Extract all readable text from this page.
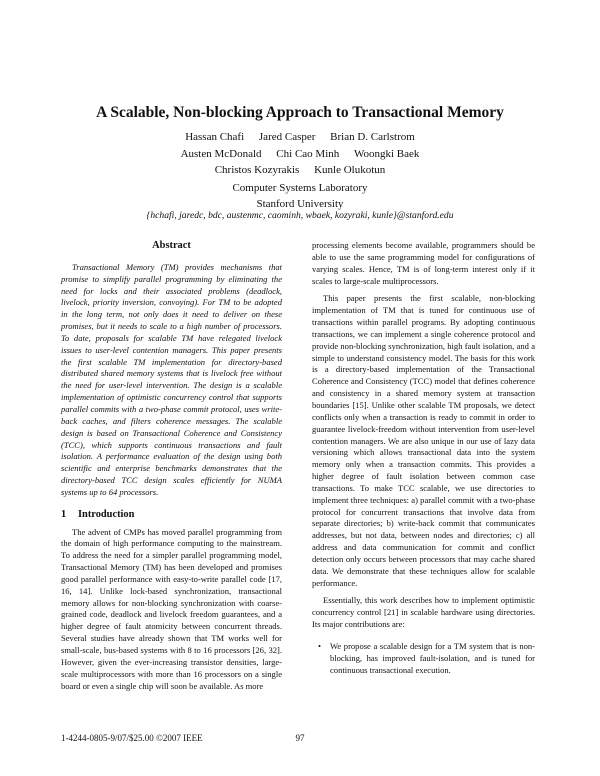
A Scalable, Non-blocking Approach to Transactional Memory
Hassan Chafi Jared Casper Brian D. Carlstrom
Austen McDonald Chi Cao Minh Woongki Baek
Christos Kozyrakis Kunle Olukotun
Computer Systems Laboratory
Stanford University
{hchafi, jaredc, bdc, austenmc, caominh, wbaek, kozyraki, kunle}@stanford.edu
Abstract

Transactional Memory (TM) provides mechanisms that promise to simplify parallel programming by eliminating the need for locks and their associated problems (deadlock, livelock, priority inversion, convoying). For TM to be adopted in the long term, not only does it need to deliver on these promises, but it needs to scale to a high number of processors. To date, proposals for scalable TM have relegated livelock issues to user-level contention managers. This paper presents the first scalable TM implementation for directory-based distributed shared memory systems that is livelock free without the need for user-level intervention. The design is a scalable implementation of optimistic concurrency control that supports parallel commits with a two-phase commit protocol, uses write-back caches, and filters coherence messages. The scalable design is based on Transactional Coherence and Consistency (TCC), which supports continuous transactions and fault isolation. A performance evaluation of the design using both scientific and enterprise benchmarks demonstrates that the directory-based TCC design scales efficiently for NUMA systems up to 64 processors.

1 Introduction

The advent of CMPs has moved parallel programming from the domain of high performance computing to the mainstream. To address the need for a simpler parallel programming model, Transactional Memory (TM) has been developed and promises good parallel performance with easy-to-write parallel code [17, 16, 14]. Unlike lock-based synchronization, transactional memory allows for non-blocking synchronization with coarse-grained code, deadlock and livelock freedom guarantees, and a higher degree of fault atomicity between concurrent threads. Several studies have already shown that TM works well for small-scale, bus-based systems with 8 to 16 processors [26, 32]. However, given the ever-increasing transistor densities, large-scale multiprocessors with more than 16 processors on a single board or even a single chip will soon be available. As more

processing elements become available, programmers should be able to use the same programming model for configurations of varying scales. Hence, TM is of long-term interest only if it scales to large-scale multiprocessors.

This paper presents the first scalable, non-blocking implementation of TM that is tuned for continuous use of transactions within parallel programs. By adopting continuous transactions, we can implement a single coherence protocol and provide non-blocking synchronization, high fault isolation, and a simple to understand consistency model. The basis for this work is a directory-based implementation of the Transactional Coherence and Consistency (TCC) model that defines coherence and consistency in a shared memory system at transaction boundaries [15]. Unlike other scalable TM proposals, we detect conflicts only when a transaction is ready to commit in order to guarantee livelock-freedom without intervention from user-level contention managers. We are also unique in our use of lazy data versioning which allows transactional data into the system memory only when a transaction commits. This provides a higher degree of fault isolation between common case transactions. To make TCC scalable, we use directories to implement three techniques: a) parallel commit with a two-phase protocol for concurrent transactions that involve data from separate directories; b) write-back commit that communicates addresses, but not data, between nodes and directories; c) all address and data communication for commit and conflict detection only occurs between processors that may cache shared data. We demonstrate that these techniques allow for scalable performance.

Essentially, this work describes how to implement optimistic concurrency control [21] in scalable hardware using directories. Its major contributions are:

• We propose a scalable design for a TM system that is non-blocking, has improved fault-isolation, and is tuned for continuous transactional execution.
1-4244-0805-9/07/$25.00 ©2007 IEEE	97
